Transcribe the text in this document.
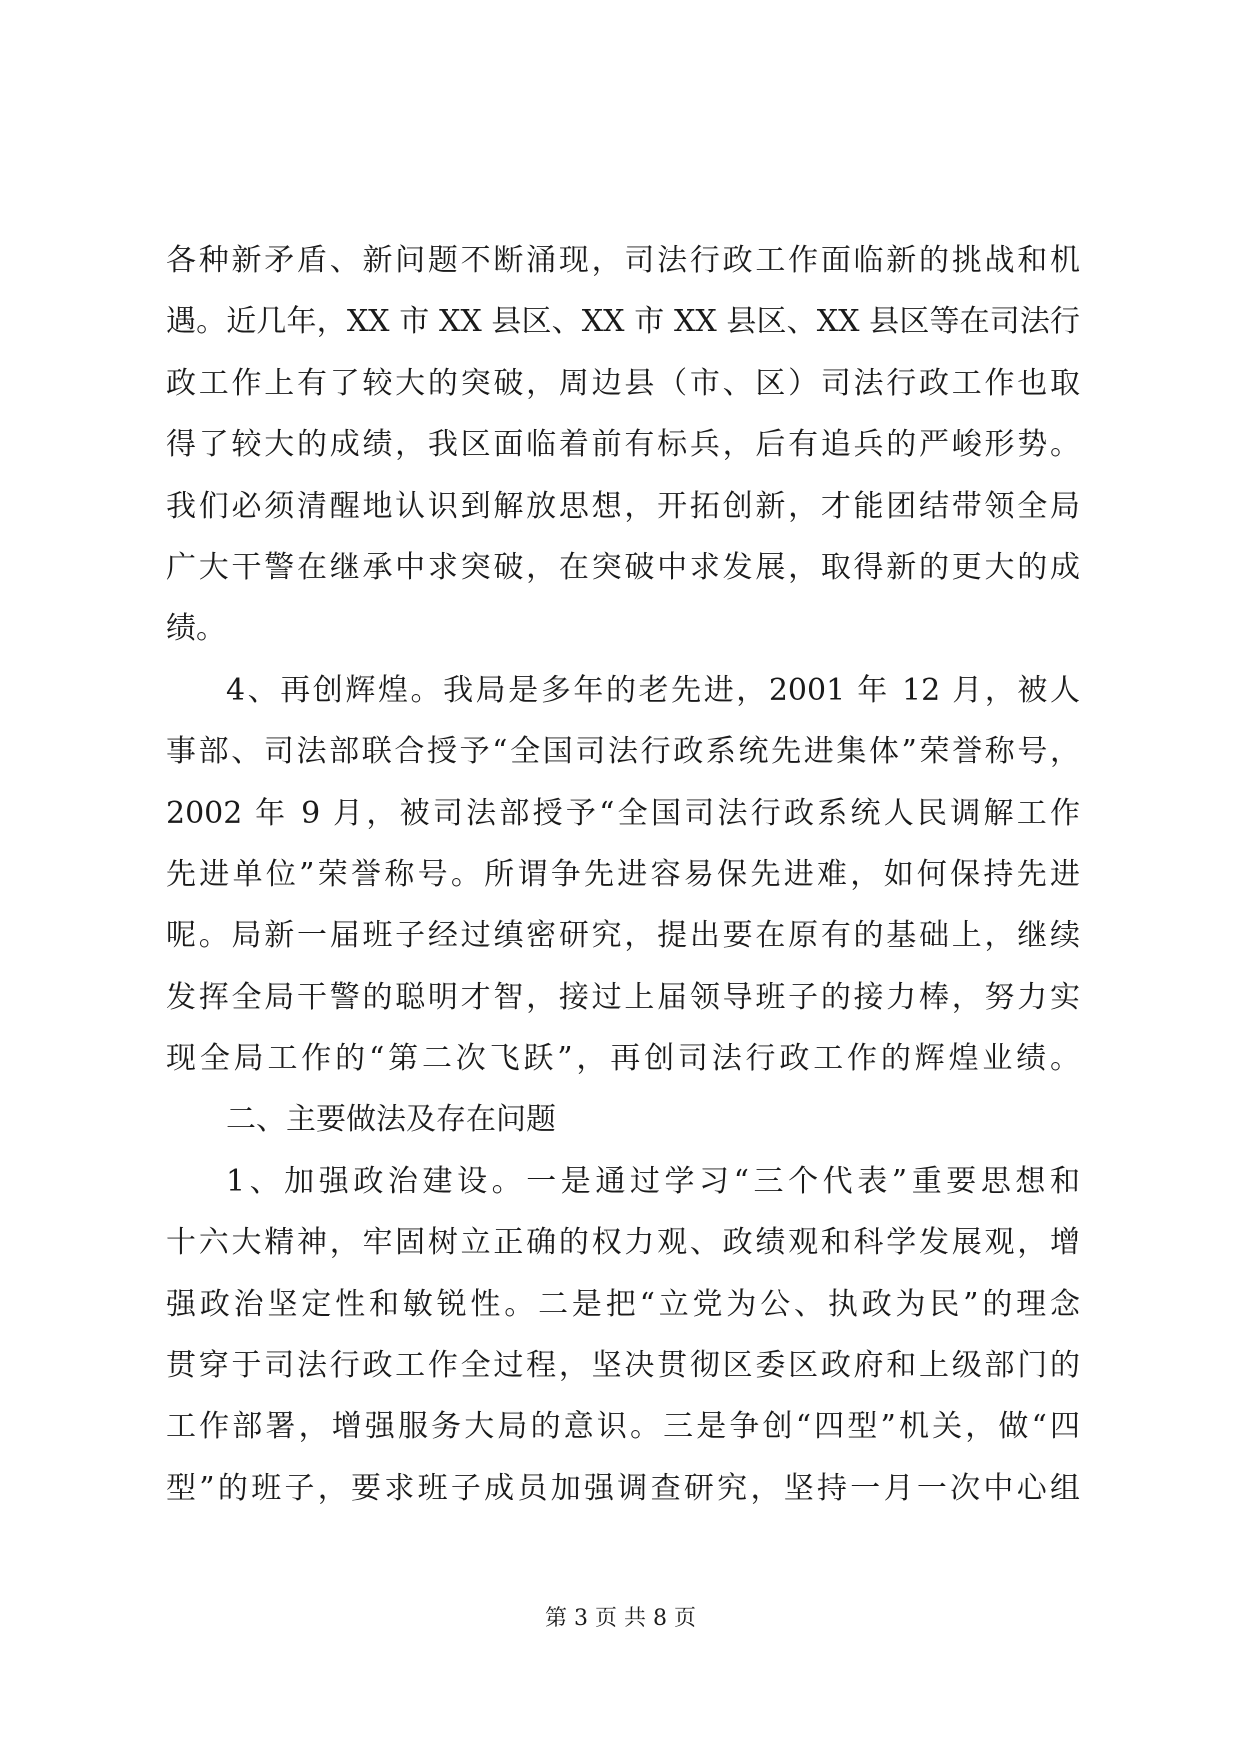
各种新矛盾、新问题不断涌现，司法行政工作面临新的挑战和机
遇。近几年，XX 市 XX 县区、XX 市 XX 县区、XX 县区等在司法行
政工作上有了较大的突破，周边县（市、区）司法行政工作也取
得了较大的成绩，我区面临着前有标兵，后有追兵的严峻形势。
我们必须清醒地认识到解放思想，开拓创新，才能团结带领全局
广大干警在继承中求突破，在突破中求发展，取得新的更大的成
绩。
4、再创辉煌。我局是多年的老先进，2001 年 12 月，被人
事部、司法部联合授予“全国司法行政系统先进集体”荣誉称号，
2002 年 9 月，被司法部授予“全国司法行政系统人民调解工作
先进单位”荣誉称号。所谓争先进容易保先进难，如何保持先进
呢。局新一届班子经过缜密研究，提出要在原有的基础上，继续
发挥全局干警的聪明才智，接过上届领导班子的接力棒，努力实
现全局工作的“第二次飞跃”，再创司法行政工作的辉煌业绩。
二、主要做法及存在问题
1、加强政治建设。一是通过学习“三个代表”重要思想和
十六大精神，牢固树立正确的权力观、政绩观和科学发展观，增
强政治坚定性和敏锐性。二是把“立党为公、执政为民”的理念
贯穿于司法行政工作全过程，坚决贯彻区委区政府和上级部门的
工作部署，增强服务大局的意识。三是争创“四型”机关，做“四
型”的班子，要求班子成员加强调查研究，坚持一月一次中心组
第 3 页 共 8 页
